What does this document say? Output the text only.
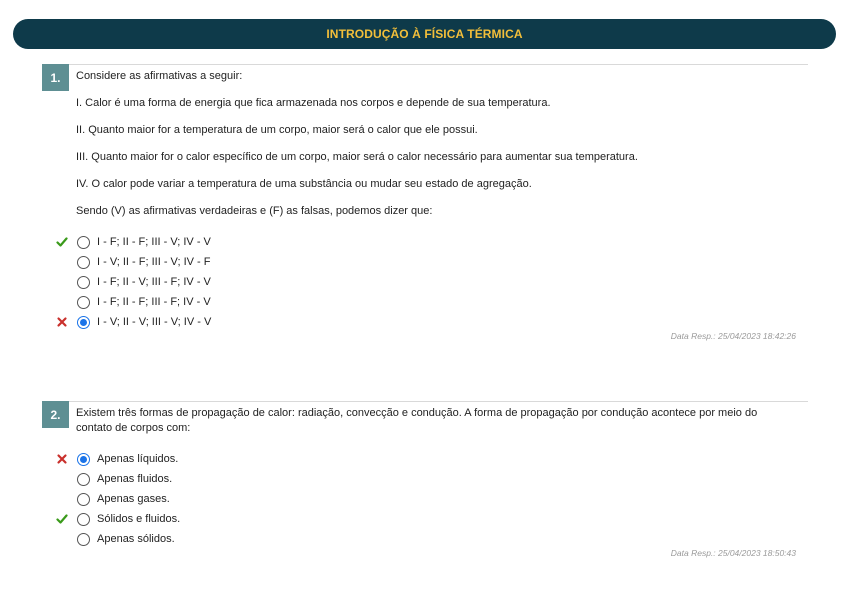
INTRODUÇÃO À FÍSICA TÉRMICA
1.	Considere as afirmativas a seguir:
I. Calor é uma forma de energia que fica armazenada nos corpos e depende de sua temperatura.
II. Quanto maior for a temperatura de um corpo, maior será o calor que ele possui.
III. Quanto maior for o calor específico de um corpo, maior será o calor necessário para aumentar sua temperatura.
IV. O calor pode variar a temperatura de uma substância ou mudar seu estado de agregação.
Sendo (V) as afirmativas verdadeiras e (F) as falsas, podemos dizer que:
I - F; II - F; III - V; IV - V
I - V; II - F; III - V; IV - F
I - F; II - V; III - F; IV - V
I - F; II - F; III - F; IV - V
I - V; II - V; III - V; IV - V
Data Resp.: 25/04/2023 18:42:26
2.	Existem três formas de propagação de calor: radiação, convecção e condução. A forma de propagação por condução acontece por meio do
contato de corpos com:
Apenas líquidos.
Apenas fluidos.
Apenas gases.
Sólidos e fluidos.
Apenas sólidos.
Data Resp.: 25/04/2023 18:50:43
